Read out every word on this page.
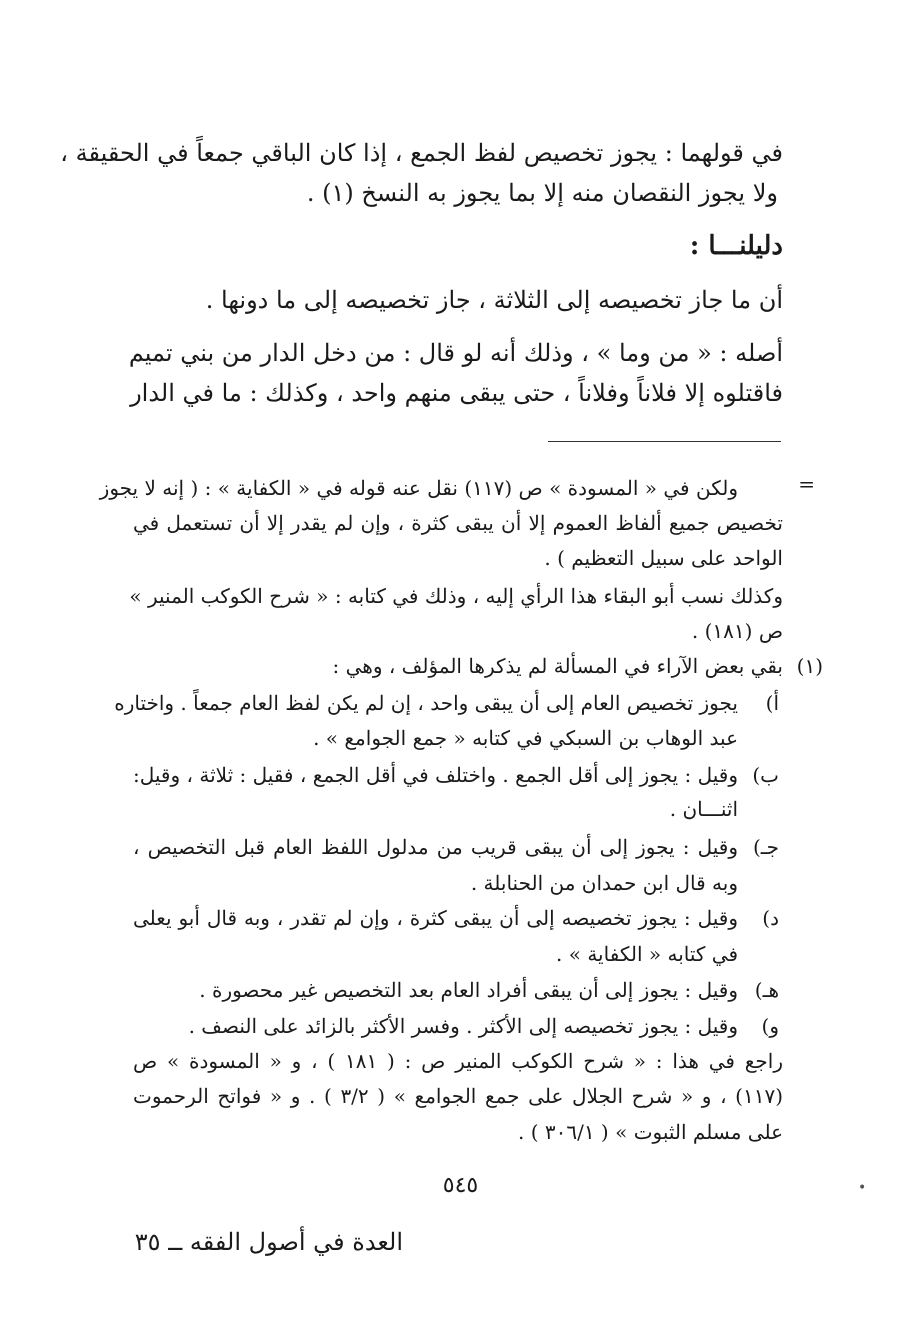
في قولهما : يجوز تخصيص لفظ الجمع ، إذا كان الباقي جمعاً في الحقيقة ،
ولا يجوز النقصان منه إلا بما يجوز به النسخ (١) .
دليلنـــا :
أن ما جاز تخصيصه إلى الثلاثة ، جاز تخصيصه إلى ما دونها .
أصله : « من وما » ، وذلك أنه لو قال : من دخل الدار من بني تميم
فاقتلوه إلا فلاناً وفلاناً ، حتى يبقى منهم واحد ، وكذلك : ما في الدار
=
ولكن في « المسودة » ص (١١٧) نقل عنه قوله في « الكفاية » : ( إنه لا يجوز
تخصيص جميع ألفاظ العموم إلا أن يبقى كثرة ، وإن لم يقدر إلا أن تستعمل في
الواحد على سبيل التعظيم ) .
وكذلك نسب أبو البقاء هذا الرأي إليه ، وذلك في كتابه : « شرح الكوكب المنير »
ص (١٨١) .
(١)
بقي بعض الآراء في المسألة لم يذكرها المؤلف ، وهي :
أ)
يجوز تخصيص العام إلى أن يبقى واحد ، إن لم يكن لفظ العام جمعاً . واختاره
عبد الوهاب بن السبكي في كتابه « جمع الجوامع » .
ب)
وقيل : يجوز إلى أقل الجمع . واختلف في أقل الجمع ، فقيل : ثلاثة ، وقيل:
اثنـــان .
جـ)
وقيل : يجوز إلى أن يبقى قريب من مدلول اللفظ العام قبل التخصيص ،
وبه قال ابن حمدان من الحنابلة .
د)
وقيل : يجوز تخصيصه إلى أن يبقى كثرة ، وإن لم تقدر ، وبه قال أبو يعلى
في كتابه « الكفاية » .
هـ)
وقيل : يجوز إلى أن يبقى أفراد العام بعد التخصيص غير محصورة .
و)
وقيل : يجوز تخصيصه إلى الأكثر . وفسر الأكثر بالزائد على النصف .
راجع في هذا : « شرح الكوكب المنير ص : ( ١٨١ ) ، و « المسودة » ص
(١١٧) ، و « شرح الجلال على جمع الجوامع » ( ٣/٢ ) . و « فواتح الرحموت
على مسلم الثبوت » ( ٣٠٦/١ ) .
٥٤٥	•
العدة في أصول الفقه ــ ٣٥
